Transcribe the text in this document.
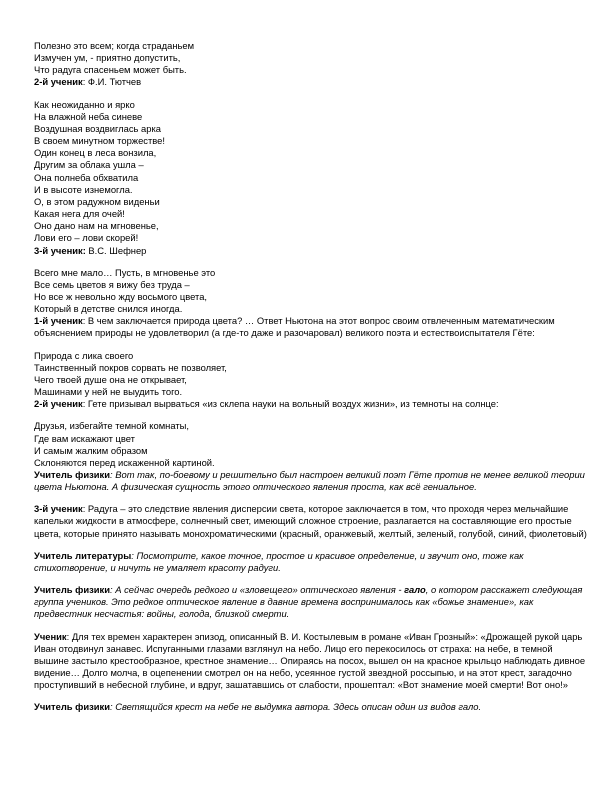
Полезно это всем; когда страданьем
Измучен ум, - приятно допустить,
Что радуга спасеньем может быть.
2-й ученик: Ф.И. Тютчев
Как неожиданно и ярко
На влажной неба синеве
Воздушная воздвиглась арка
В своем минутном торжестве!
Один конец в леса вонзила,
Другим за облака ушла –
Она полнеба обхватила
И в высоте изнемогла.
О, в этом радужном виденьи
Какая нега для очей!
Оно дано нам на мгновенье,
Лови его – лови скорей!
3-й ученик: В.С. Шефнер
Всего мне мало… Пусть, в мгновенье это
Все семь цветов я вижу без труда –
Но все ж невольно жду восьмого цвета,
Который в детстве снился иногда.
1-й ученик: В чем заключается природа цвета? … Ответ Ньютона на этот вопрос своим отвлеченным математическим объяснением природы не удовлетворил (а где-то даже и разочаровал) великого поэта и естествоиспытателя Гёте:
Природа с лика своего
Таинственный покров сорвать не позволяет,
Чего твоей душе она не открывает,
Машинами у ней не выудить того.
2-й ученик: Гете призывал вырваться «из склепа науки на вольный воздух жизни», из темноты на солнце:
Друзья, избегайте темной комнаты,
Где вам искажают цвет
И самым жалким образом
Склоняются перед искаженной картиной.
Учитель физики: Вот так, по-боевому и решительно был настроен великий поэт Гёте против не менее великой теории цвета Ньютона. А физическая сущность этого оптического явления проста, как всё гениальное.
3-й ученик: Радуга – это следствие явления дисперсии света, которое заключается в том, что проходя через мельчайшие капельки жидкости в атмосфере, солнечный свет, имеющий сложное строение, разлагается на составляющие его простые цвета, которые принято называть монохроматическими (красный, оранжевый, желтый, зеленый, голубой, синий, фиолетовый)
Учитель литературы: Посмотрите, какое точное, простое и красивое определение, и звучит оно, тоже как стихотворение, и ничуть не умаляет красоту радуги.
Учитель физики: А сейчас очередь редкого и «зловещего» оптического явления - гало, о котором расскажет следующая группа учеников. Это редкое оптическое явление в давние времена воспринималось как «божье знамение», как предвестник несчастья: войны, голода, близкой смерти.
Ученик: Для тех времен характерен эпизод, описанный В. И. Костылевым в романе «Иван Грозный»: «Дрожащей рукой царь Иван отодвинул занавес. Испуганными глазами взглянул на небо. Лицо его перекосилось от страха: на небе, в темной вышине застыло крестообразное, крестное знамение… Опираясь на посох, вышел он на красное крыльцо наблюдать дивное видение… Долго молча, в оцепенении смотрел он на небо, усеянное густой звездной россыпью, и на этот крест, загадочно проступивший в небесной глубине, и вдруг, зашатавшись от слабости, прошептал: «Вот знамение моей смерти! Вот оно!»
Учитель физики: Светящийся крест на небе не выдумка автора. Здесь описан один из видов гало.
